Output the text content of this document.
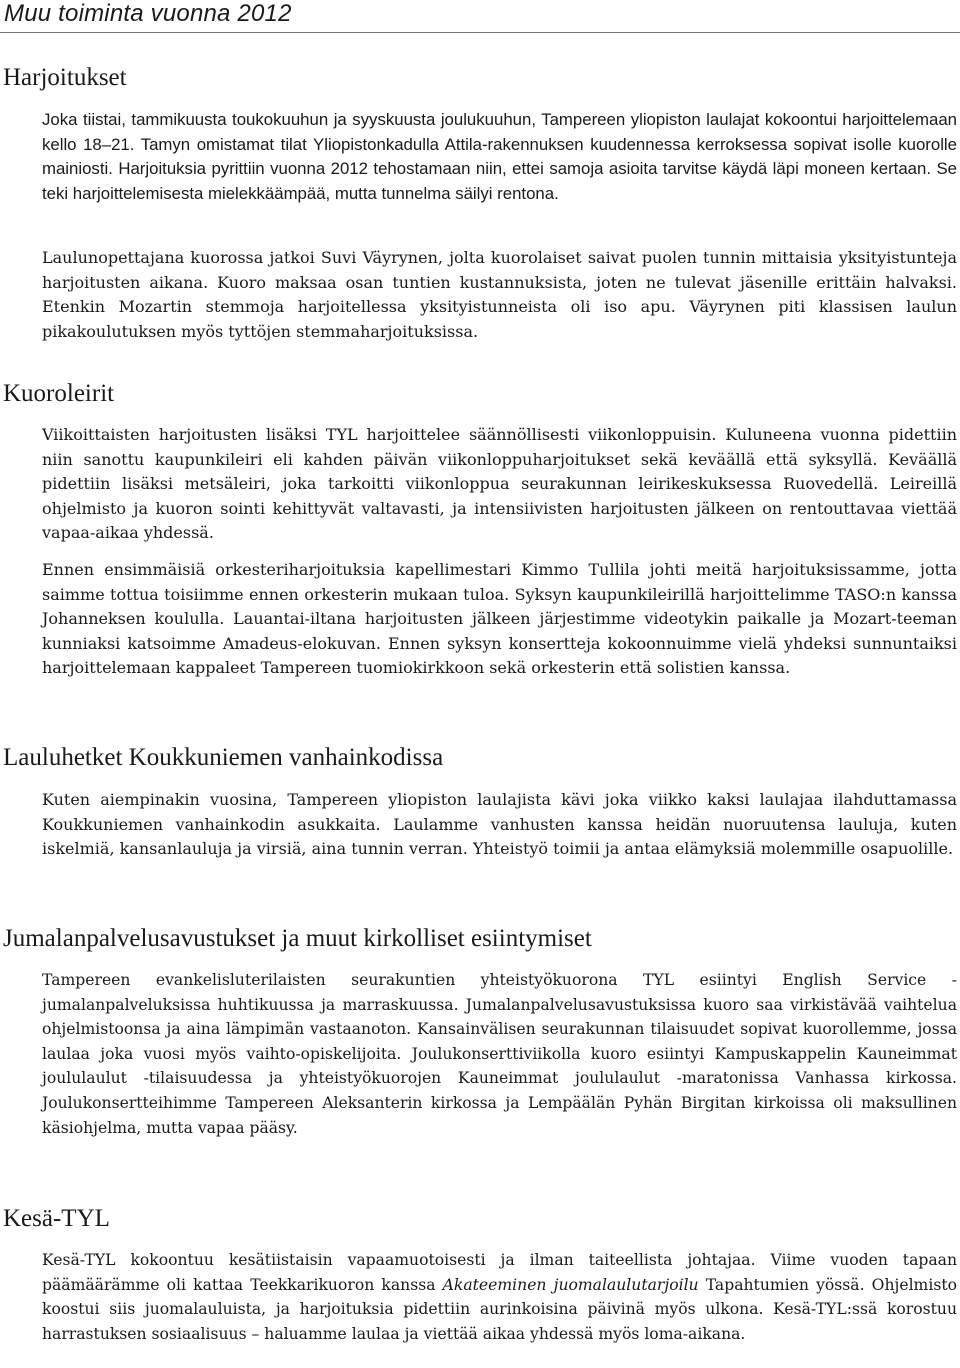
Muu toiminta vuonna 2012
Harjoitukset

Joka tiistai, tammikuusta toukokuuhun ja syyskuusta joulukuuhun, Tampereen yliopiston laulajat kokoontui harjoittelemaan kello 18–21. Tamyn omistamat tilat Yliopistonkadulla Attila-rakennuksen kuudennessa kerroksessa sopivat isolle kuorolle mainiosti. Harjoituksia pyrittiin vuonna 2012 tehostamaan niin, ettei samoja asioita tarvitse käydä läpi moneen kertaan. Se teki harjoittelemisesta mielekkäämpää, mutta tunnelma säilyi rentona.

Laulunopettajana kuorossa jatkoi Suvi Väyrynen, jolta kuorolaiset saivat puolen tunnin mittaisia yksityistunteja harjoitusten aikana. Kuoro maksaa osan tuntien kustannuksista, joten ne tulevat jäsenille erittäin halvaksi. Etenkin Mozartin stemmoja harjoitellessa yksityistunneista oli iso apu. Väyrynen piti klassisen laulun pikakoulutuksen myös tyttöjen stemmaharjoituksissa.

Kuoroleirit

Viikoittaisten harjoitusten lisäksi TYL harjoittelee säännöllisesti viikonloppuisin. Kuluneena vuonna pidettiin niin sanottu kaupunkileiri eli kahden päivän viikonloppuharjoitukset sekä keväällä että syksyllä. Keväällä pidettiin lisäksi metsäleiri, joka tarkoitti viikonloppua seurakunnan leirikeskuksessa Ruovedellä. Leireillä ohjelmisto ja kuoron sointi kehittyvät valtavasti, ja intensiivisten harjoitusten jälkeen on rentouttavaa viettää vapaa-aikaa yhdessä.

Ennen ensimmäisiä orkesteriharjoituksia kapellimestari Kimmo Tullila johti meitä harjoituksissamme, jotta saimme tottua toisiimme ennen orkesterin mukaan tuloa. Syksyn kaupunkileirillä harjoittelimme TASO:n kanssa Johanneksen koululla. Lauantai-iltana harjoitusten jälkeen järjestimme videotykin paikalle ja Mozart-teeman kunniaksi katsoimme Amadeus-elokuvan. Ennen syksyn konsertteja kokoonnuimme vielä yhdeksi sunnuntaiksi harjoittelemaan kappaleet Tampereen tuomiokirkkoon sekä orkesterin että solistien kanssa.

Lauluhetket Koukkuniemen vanhainkodissa

Kuten aiempinakin vuosina, Tampereen yliopiston laulajista kävi joka viikko kaksi laulajaa ilahduttamassa Koukkuniemen vanhainkodin asukkaita. Laulamme vanhusten kanssa heidän nuoruutensa lauluja, kuten iskelmiä, kansanlauluja ja virsiä, aina tunnin verran. Yhteistyö toimii ja antaa elämyksiä molemmille osapuolille.

Jumalanpalvelusavustukset ja muut kirkolliset esiintymiset

Tampereen evankelisluterilaisten seurakuntien yhteistyökuorona TYL esiintyi English Service -jumalanpalveluksissa huhtikuussa ja marraskuussa. Jumalanpalvelusavustuksissa kuoro saa virkistävää vaihtelua ohjelmistoonsa ja aina lämpimän vastaanoton. Kansainvälisen seurakunnan tilaisuudet sopivat kuorollemme, jossa laulaa joka vuosi myös vaihto-opiskelijoita. Joulukonserttiviikolla kuoro esiintyi Kampuskappelin Kauneimmat joululaulut -tilaisuudessa ja yhteistyökuorojen Kauneimmat joululaulut -maratonissa Vanhassa kirkossa. Joulukonsertteihimme Tampereen Aleksanterin kirkossa ja Lempäälän Pyhän Birgitan kirkoissa oli maksullinen käsiohjelma, mutta vapaa pääsy.

Kesä-TYL

Kesä-TYL kokoontuu kesätiistaisin vapaamuotoisesti ja ilman taiteellista johtajaa. Viime vuoden tapaan päämäärämme oli kattaa Teekkarikuoron kanssa Akateeminen juomalaulutarjoilu Tapahtumien yössä. Ohjelmisto koostui siis juomalauluista, ja harjoituksia pidettiin aurinkoisina päivinä myös ulkona. Kesä-TYL:ssä korostuu harrastuksen sosiaalisuus – haluamme laulaa ja viettää aikaa yhdessä myös loma-aikana.
